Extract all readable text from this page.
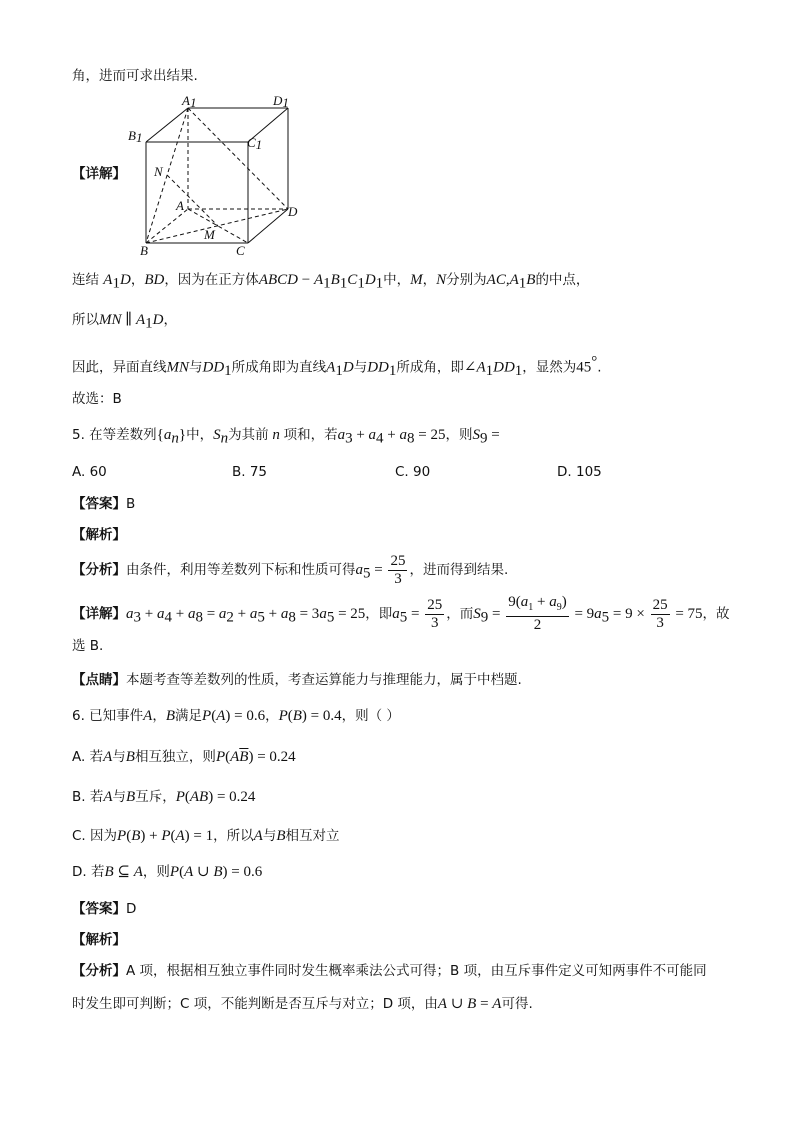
角，进而可求出结果.
A1	D1
B1	C1
N
A	D
M
B	C
【详解】
连结 $A_1D$，BD，因为在正方体ABCD − $A_1B_1C_1D_1$中，M，N分别为$AC,A_1B$的中点，
所以MN ∥ $A_1D$，
因此，异面直线MN与$DD_1$所成角即为直线$A_1D$与$DD_1$所成角，即$\angle A_1DD_1$，显然为45°.
故选：B
5. 在等差数列$\{a_n\}$中，$S_n$为其前 n 项和，若$a_3 + a_4 + a_8 = 25$，则$S_9$ =
A. 60	B. 75	C. 90	D. 105
【答案】B
【解析】
【分析】由条件，利用等差数列下标和性质可得$a_5 = \frac{25}{3}$ ，进而得到结果.
【详解】$a_3 + a_4 + a_8 = a_2 + a_5 + a_8 = 3a_5 = 25$，即$a_5 = \frac{25}{3}$ ，而$S_9 = \frac{9(a_1 + a_9)}{2} = 9a_5 = 9 \times \frac{25}{3} = 75$，故
选 B.
【点睛】本题考查等差数列的性质，考查运算能力与推理能力，属于中档题.
6. 已知事件A，B满足P(A) = 0.6，P(B) = 0.4，则（ ）
A. 若A与B相互独立，则$P(A\overline{B}) = 0.24$
B. 若A与B互斥，P(AB) = 0.24
C. 因为P(B) + P(A) = 1，所以A与B相互对立
D. 若B ⊆ A，则P(A ∪ B) = 0.6
【答案】D
【解析】
【分析】A 项，根据相互独立事件同时发生概率乘法公式可得；B 项，由互斥事件定义可知两事件不可能同
时发生即可判断；C 项，不能判断是否互斥与对立；D 项，由A ∪ B = A可得.
